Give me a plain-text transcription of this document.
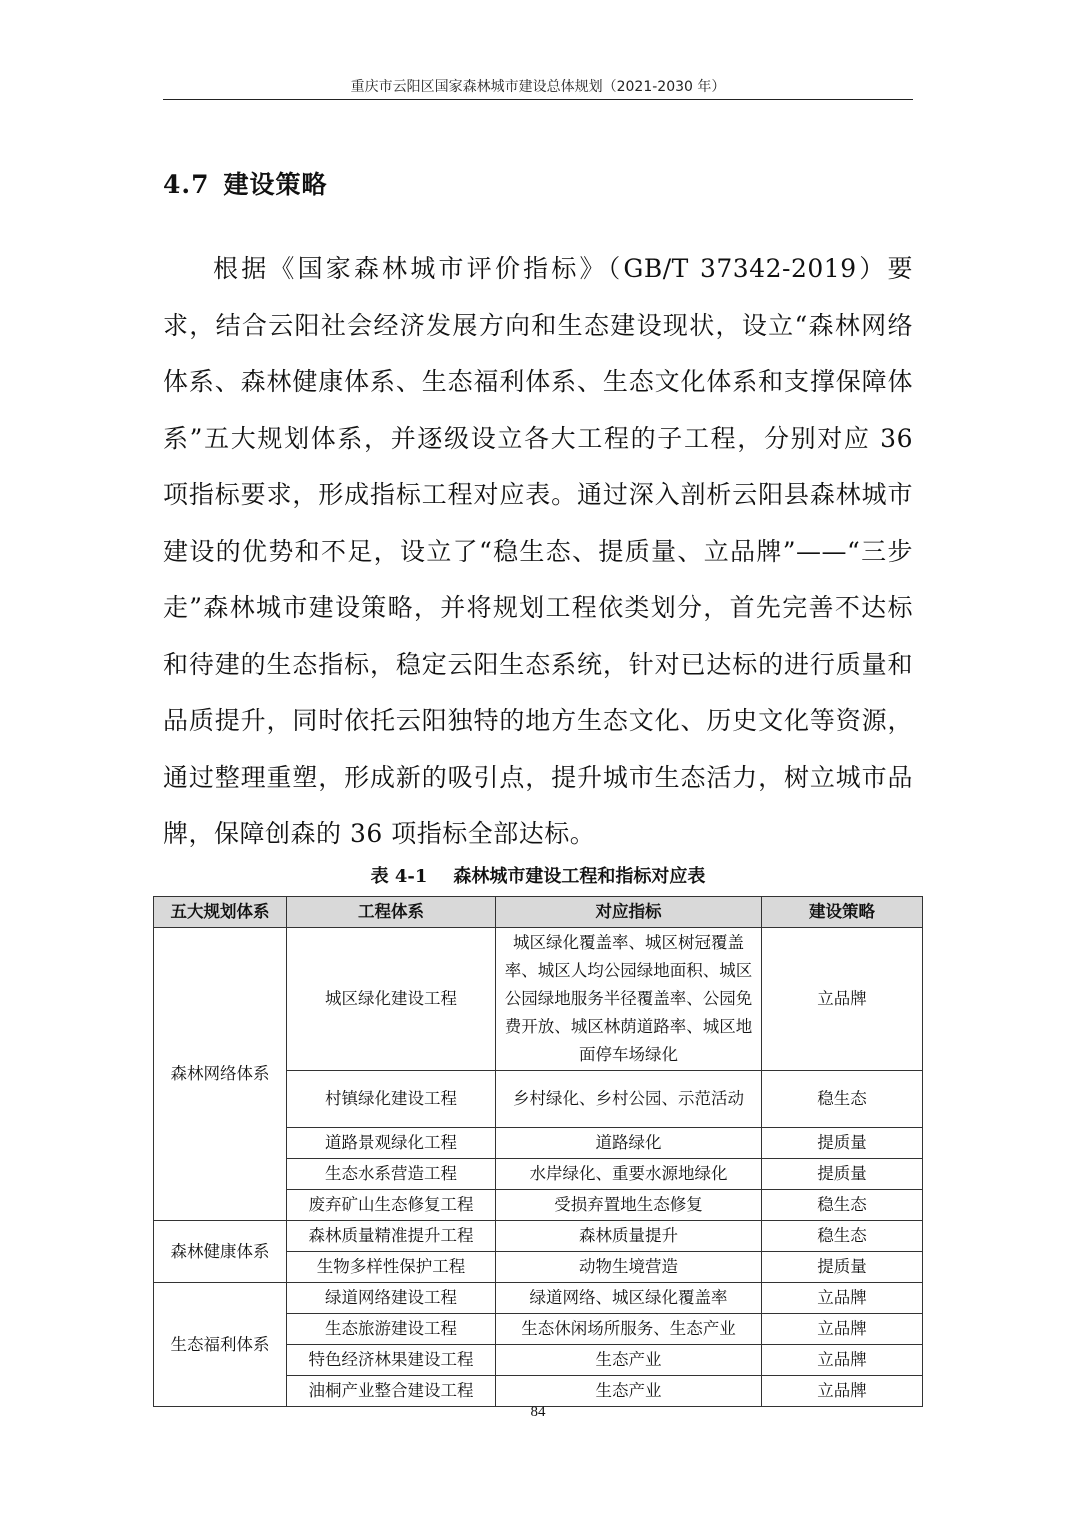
重庆市云阳区国家森林城市建设总体规划（2021-2030 年）
4.7 建设策略

根据《国家森林城市评价指标》（GB/T 37342-2019）要求，结合云阳社会经济发展方向和生态建设现状，设立“森林网络体系、森林健康体系、生态福利体系、生态文化体系和支撑保障体系”五大规划体系，并逐级设立各大工程的子工程，分别对应 36 项指标要求，形成指标工程对应表。通过深入剖析云阳县森林城市建设的优势和不足，设立了“稳生态、提质量、立品牌”——“三步走”森林城市建设策略，并将规划工程依类划分，首先完善不达标和待建的生态指标，稳定云阳生态系统，针对已达标的进行质量和品质提升，同时依托云阳独特的地方生态文化、历史文化等资源，通过整理重塑，形成新的吸引点，提升城市生态活力，树立城市品牌，保障创森的 36 项指标全部达标。

表 4-1 森林城市建设工程和指标对应表
五大规划体系	工程体系	对应指标	建设策略
森林网络体系	城区绿化建设工程	城区绿化覆盖率、城区树冠覆盖率、城区人均公园绿地面积、城区公园绿地服务半径覆盖率、公园免费开放、城区林荫道路率、城区地面停车场绿化	立品牌
	村镇绿化建设工程	乡村绿化、乡村公园、示范活动	稳生态
	道路景观绿化工程	道路绿化	提质量
	生态水系营造工程	水岸绿化、重要水源地绿化	提质量
	废弃矿山生态修复工程	受损弃置地生态修复	稳生态
森林健康体系	森林质量精准提升工程	森林质量提升	稳生态
	生物多样性保护工程	动物生境营造	提质量
生态福利体系	绿道网络建设工程	绿道网络、城区绿化覆盖率	立品牌
	生态旅游建设工程	生态休闲场所服务、生态产业	立品牌
	特色经济林果建设工程	生态产业	立品牌
	油桐产业整合建设工程	生态产业	立品牌
84
